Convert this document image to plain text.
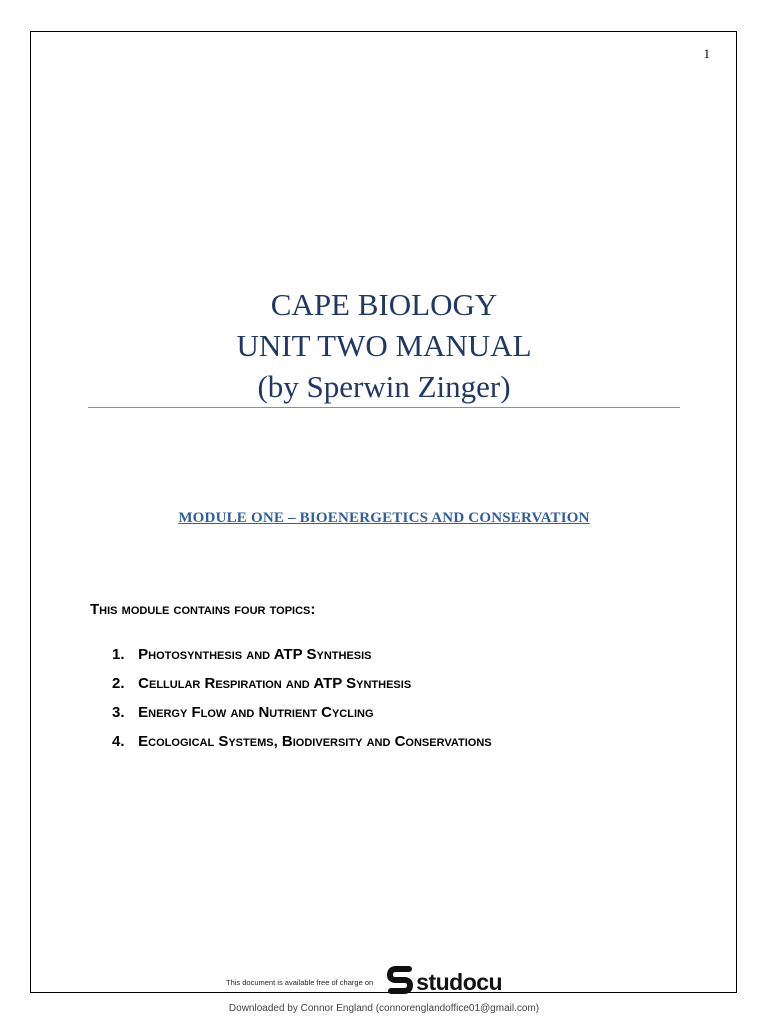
1
CAPE BIOLOGY
UNIT TWO MANUAL
(by Sperwin Zinger)
MODULE ONE – BIOENERGETICS AND CONSERVATION
This module contains four topics:
1. Photosynthesis and ATP Synthesis
2. Cellular Respiration and ATP Synthesis
3. Energy Flow and Nutrient Cycling
4. Ecological Systems, Biodiversity and Conservations
This document is available free of charge on studocu
Downloaded by Connor England (connorenglandoffice01@gmail.com)
